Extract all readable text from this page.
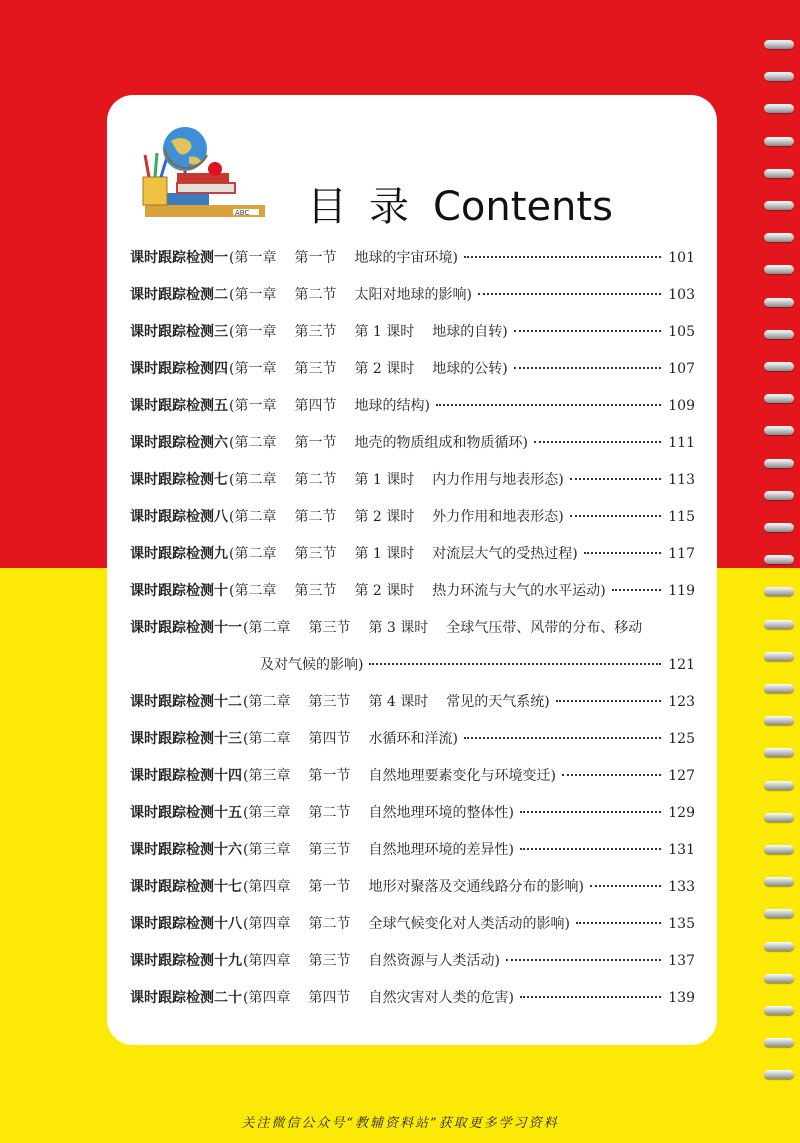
ABC 目录Contents
课时跟踪检测一 (第一章 第一节 地球的宇宙环境)	101
课时跟踪检测二 (第一章 第二节 太阳对地球的影响)	103
课时跟踪检测三 (第一章 第三节 第 1 课时 地球的自转)	105
课时跟踪检测四 (第一章 第三节 第 2 课时 地球的公转)	107
课时跟踪检测五 (第一章 第四节 地球的结构)	109
课时跟踪检测六 (第二章 第一节 地壳的物质组成和物质循环)	111
课时跟踪检测七 (第二章 第二节 第 1 课时 内力作用与地表形态)	113
课时跟踪检测八 (第二章 第二节 第 2 课时 外力作用和地表形态)	115
课时跟踪检测九 (第二章 第三节 第 1 课时 对流层大气的受热过程)	117
课时跟踪检测十 (第二章 第三节 第 2 课时 热力环流与大气的水平运动)	119
课时跟踪检测十一 (第二章 第三节 第 3 课时 全球气压带、风带的分布、移动
及对气候的影响)	121
课时跟踪检测十二 (第二章 第三节 第 4 课时 常见的天气系统)	123
课时跟踪检测十三 (第二章 第四节 水循环和洋流)	125
课时跟踪检测十四 (第三章 第一节 自然地理要素变化与环境变迁)	127
课时跟踪检测十五 (第三章 第二节 自然地理环境的整体性)	129
课时跟踪检测十六 (第三章 第三节 自然地理环境的差异性)	131
课时跟踪检测十七 (第四章 第一节 地形对聚落及交通线路分布的影响)	133
课时跟踪检测十八 (第四章 第二节 全球气候变化对人类活动的影响)	135
课时跟踪检测十九 (第四章 第三节 自然资源与人类活动)	137
课时跟踪检测二十 (第四章 第四节 自然灾害对人类的危害)	139
关注微信公众号“教辅资料站”获取更多学习资料
